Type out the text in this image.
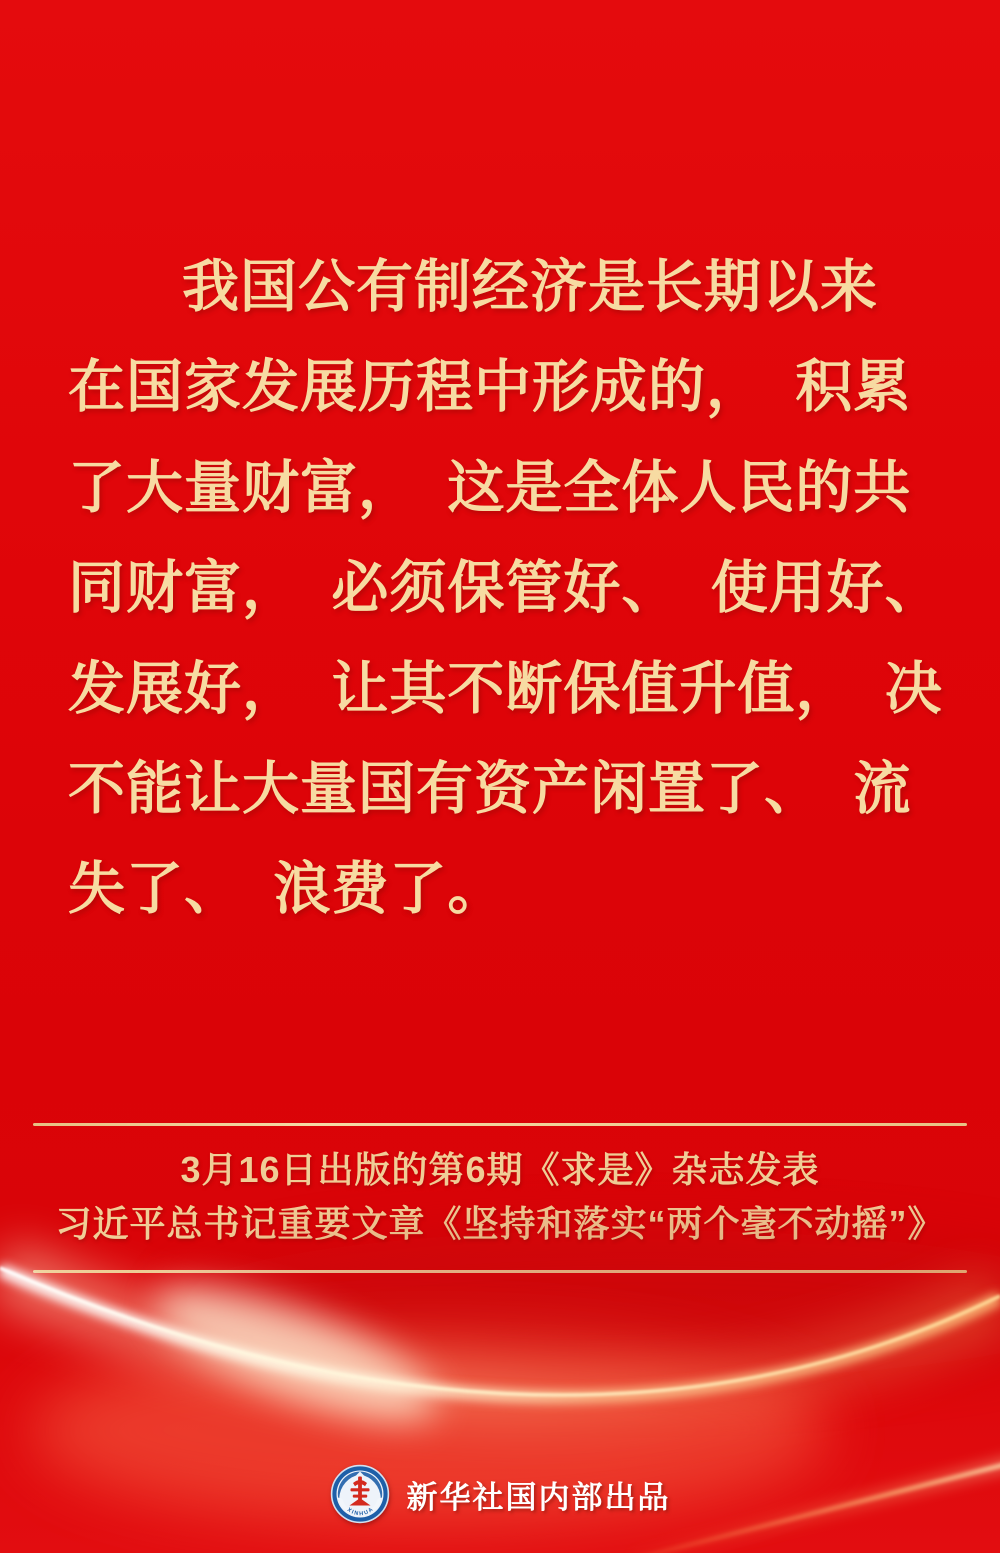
我国公有制经济是长期以来
在国家发展历程中形成的， 积累
了大量财富， 这是全体人民的共
同财富， 必须保管好、 使用好、
发展好， 让其不断保值升值， 决
不能让大量国有资产闲置了、 流
失了、 浪费了。
3月16日出版的第6期《求是》杂志发表
习近平总书记重要文章《坚持和落实“两个毫不动摇”》
XINHUA 新华社国内部出品
